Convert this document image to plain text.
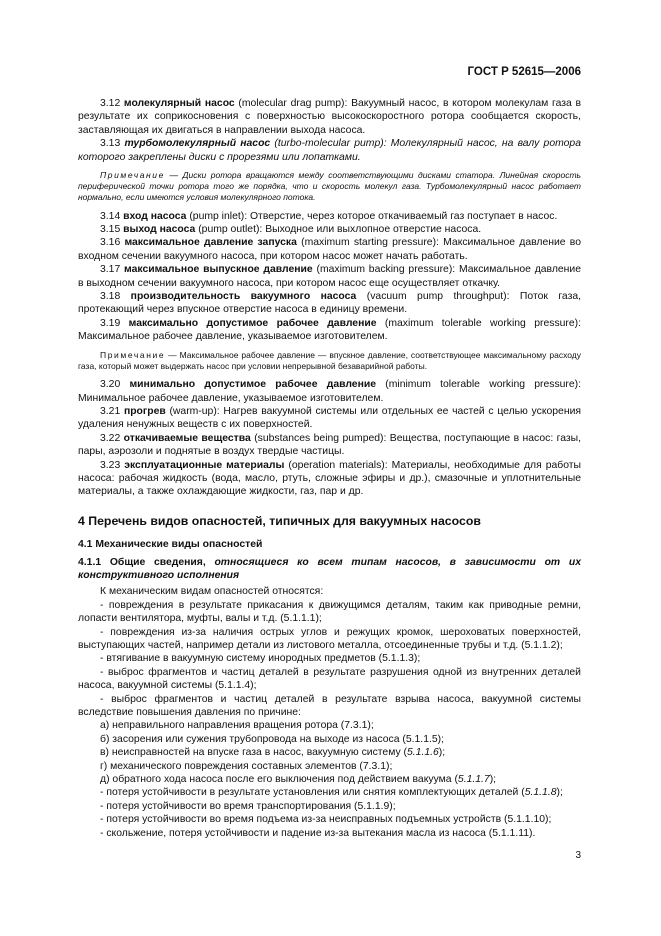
ГОСТ Р 52615—2006
3.12 молекулярный насос (molecular drag pump): Вакуумный насос, в котором молекулам газа в результате их соприкосновения с поверхностью высокоскоростного ротора сообщается скорость, заставляющая их двигаться в направлении выхода насоса.
3.13 турбомолекулярный насос (turbo-molecular pump): Молекулярный насос, на валу ротора которого закреплены диски с прорезями или лопатками.
Примечание — Диски ротора вращаются между соответствующими дисками статора. Линейная скорость периферической точки ротора того же порядка, что и скорость молекул газа. Турбомолекулярный насос работает нормально, если имеются условия молекулярного потока.
3.14 вход насоса (pump inlet): Отверстие, через которое откачиваемый газ поступает в насос.
3.15 выход насоса (pump outlet): Выходное или выхлопное отверстие насоса.
3.16 максимальное давление запуска (maximum starting pressure): Максимальное давление во входном сечении вакуумного насоса, при котором насос может начать работать.
3.17 максимальное выпускное давление (maximum backing pressure): Максимальное давление в выходном сечении вакуумного насоса, при котором насос еще осуществляет откачку.
3.18 производительность вакуумного насоса (vacuum pump throughput): Поток газа, протекающий через впускное отверстие насоса в единицу времени.
3.19 максимально допустимое рабочее давление (maximum tolerable working pressure): Максимальное рабочее давление, указываемое изготовителем.
Примечание — Максимальное рабочее давление — впускное давление, соответствующее максимальному расходу газа, который может выдержать насос при условии непрерывной безаварийной работы.
3.20 минимально допустимое рабочее давление (minimum tolerable working pressure): Минимальное рабочее давление, указываемое изготовителем.
3.21 прогрев (warm-up): Нагрев вакуумной системы или отдельных ее частей с целью ускорения удаления ненужных веществ с их поверхностей.
3.22 откачиваемые вещества (substances being pumped): Вещества, поступающие в насос: газы, пары, аэрозоли и поднятые в воздух твердые частицы.
3.23 эксплуатационные материалы (operation materials): Материалы, необходимые для работы насоса: рабочая жидкость (вода, масло, ртуть, сложные эфиры и др.), смазочные и уплотнительные материалы, а также охлаждающие жидкости, газ, пар и др.
4 Перечень видов опасностей, типичных для вакуумных насосов
4.1 Механические виды опасностей
4.1.1 Общие сведения, относящиеся ко всем типам насосов, в зависимости от их конструктивного исполнения
К механическим видам опасностей относятся:
- повреждения в результате прикасания к движущимся деталям, таким как приводные ремни, лопасти вентилятора, муфты, валы и т.д. (5.1.1.1);
- повреждения из-за наличия острых углов и режущих кромок, шероховатых поверхностей, выступающих частей, например детали из листового металла, отсоединенные трубы и т.д. (5.1.1.2);
- втягивание в вакуумную систему инородных предметов (5.1.1.3);
- выброс фрагментов и частиц деталей в результате разрушения одной из внутренних деталей насоса, вакуумной системы (5.1.1.4);
- выброс фрагментов и частиц деталей в результате взрыва насоса, вакуумной системы вследствие повышения давления по причине:
а) неправильного направления вращения ротора (7.3.1);
б) засорения или сужения трубопровода на выходе из насоса (5.1.1.5);
в) неисправностей на впуске газа в насос, вакуумную систему (5.1.1.6);
г) механического повреждения составных элементов (7.3.1);
д) обратного хода насоса после его выключения под действием вакуума (5.1.1.7);
- потеря устойчивости в результате установления или снятия комплектующих деталей (5.1.1.8);
- потеря устойчивости во время транспортирования (5.1.1.9);
- потеря устойчивости во время подъема из-за неисправных подъемных устройств (5.1.1.10);
- скольжение, потеря устойчивости и падение из-за вытекания масла из насоса (5.1.1.11).
3
